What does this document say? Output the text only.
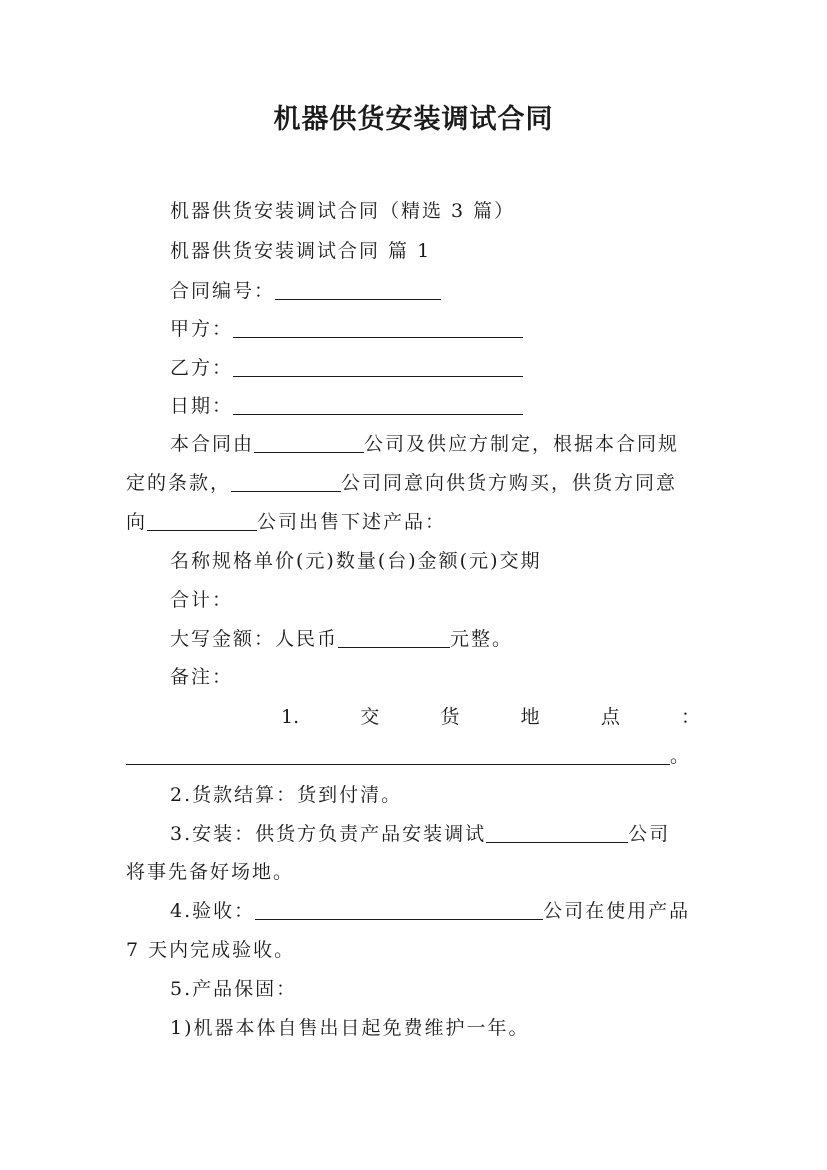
机器供货安装调试合同
机器供货安装调试合同（精选 3 篇）
机器供货安装调试合同 篇 1
合同编号：
甲方：
乙方：
日期：
本合同由	公司及供应方制定，根据本合同规
定的条款，	公司同意向供货方购买，供货方同意
向	公司出售下述产品：
名称规格单价(元)数量(台)金额(元)交期
合计：
大写金额：人民币	元整。
备注：
1.	交	货	地	点	：
。
2.货款结算：货到付清。
3.安装：供货方负责产品安装调试	公司
将事先备好场地。
4.验收：	公司在使用产品
7 天内完成验收。
5.产品保固：
1)机器本体自售出日起免费维护一年。
